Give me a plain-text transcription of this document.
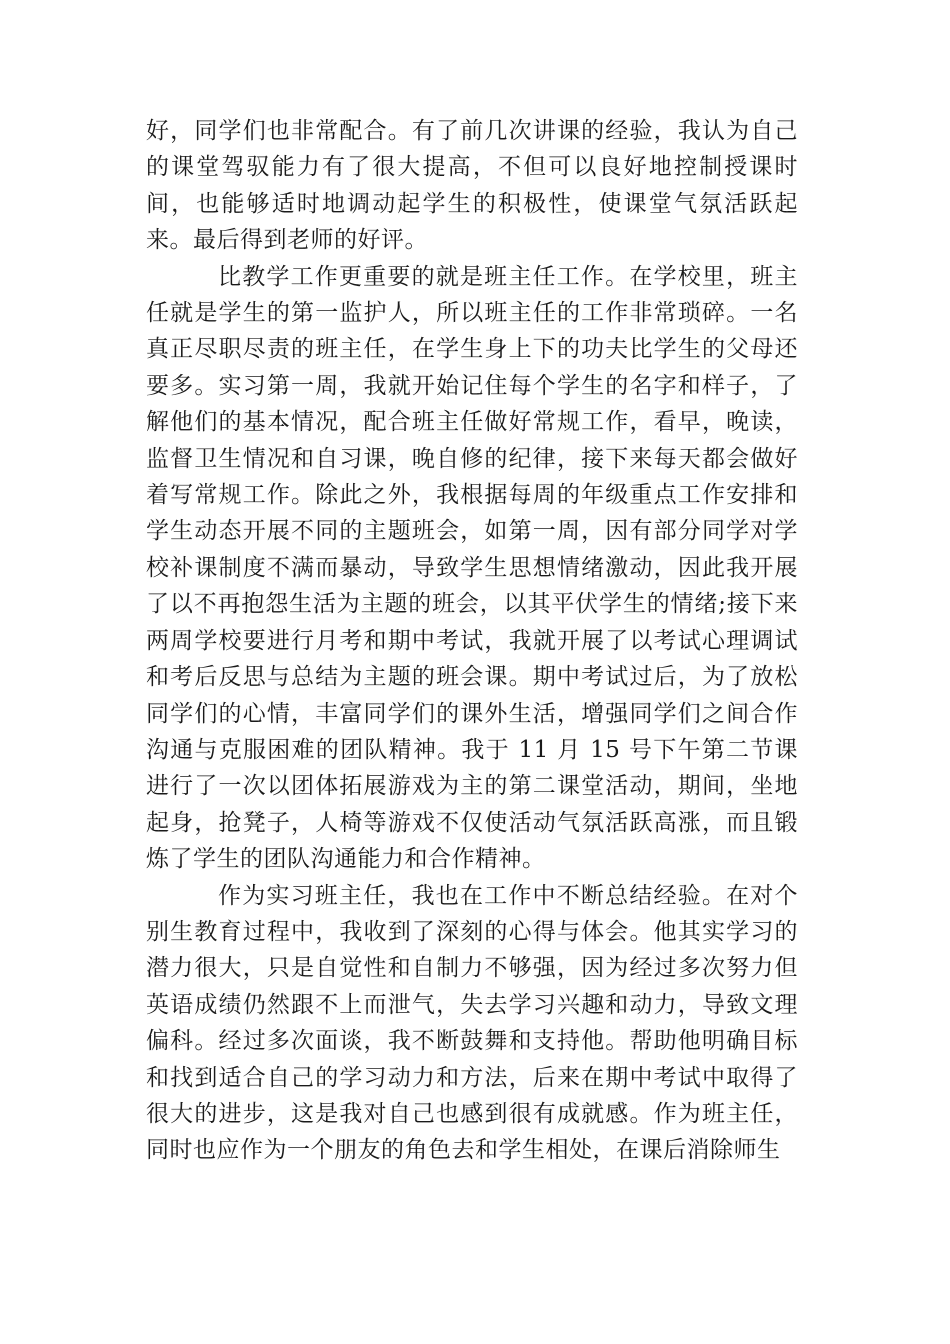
好，同学们也非常配合。有了前几次讲课的经验，我认为自己的课堂驾驭能力有了很大提高，不但可以良好地控制授课时间，也能够适时地调动起学生的积极性，使课堂气氛活跃起来。最后得到老师的好评。

比教学工作更重要的就是班主任工作。在学校里，班主任就是学生的第一监护人，所以班主任的工作非常琐碎。一名真正尽职尽责的班主任，在学生身上下的功夫比学生的父母还要多。实习第一周，我就开始记住每个学生的名字和样子，了解他们的基本情况，配合班主任做好常规工作，看早，晚读，监督卫生情况和自习课，晚自修的纪律，接下来每天都会做好着写常规工作。除此之外，我根据每周的年级重点工作安排和学生动态开展不同的主题班会，如第一周，因有部分同学对学校补课制度不满而暴动，导致学生思想情绪激动，因此我开展了以不再抱怨生活为主题的班会，以其平伏学生的情绪;接下来两周学校要进行月考和期中考试，我就开展了以考试心理调试和考后反思与总结为主题的班会课。期中考试过后，为了放松同学们的心情，丰富同学们的课外生活，增强同学们之间合作沟通与克服困难的团队精神。我于 11 月 15 号下午第二节课进行了一次以团体拓展游戏为主的第二课堂活动，期间，坐地起身，抢凳子，人椅等游戏不仅使活动气氛活跃高涨，而且锻炼了学生的团队沟通能力和合作精神。

作为实习班主任，我也在工作中不断总结经验。在对个别生教育过程中，我收到了深刻的心得与体会。他其实学习的潜力很大，只是自觉性和自制力不够强，因为经过多次努力但英语成绩仍然跟不上而泄气，失去学习兴趣和动力，导致文理偏科。经过多次面谈，我不断鼓舞和支持他。帮助他明确目标和找到适合自己的学习动力和方法，后来在期中考试中取得了很大的进步，这是我对自己也感到很有成就感。作为班主任，同时也应作为一个朋友的角色去和学生相处，在课后消除师生
